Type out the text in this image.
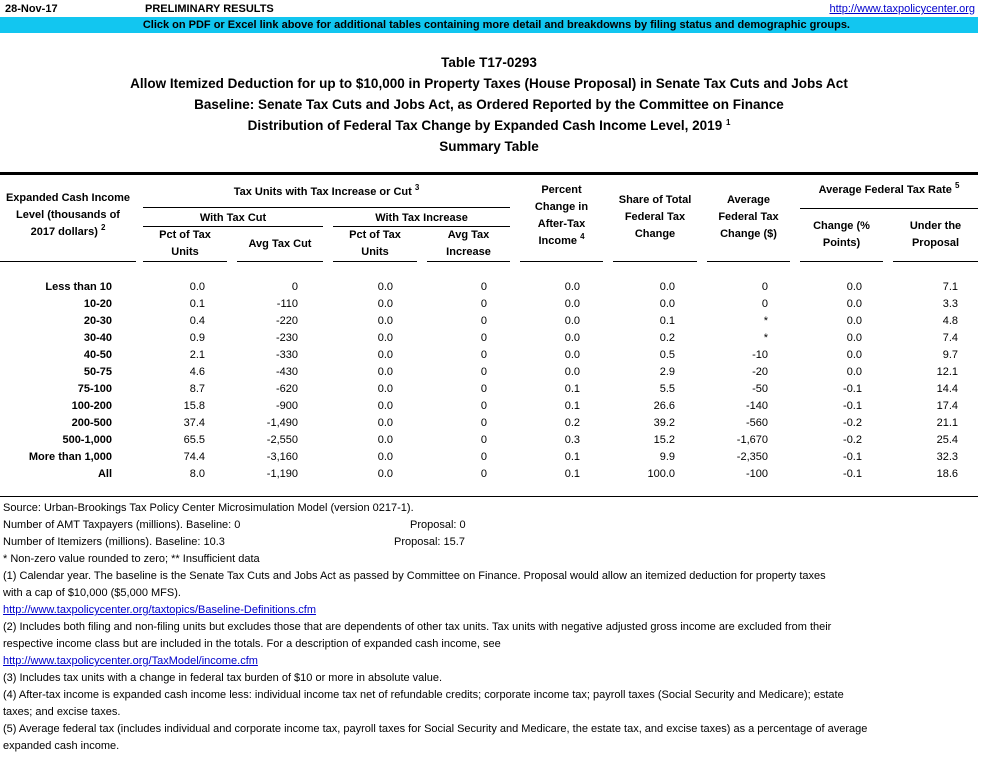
28-Nov-17	PRELIMINARY RESULTS	http://www.taxpolicycenter.org
Click on PDF or Excel link above for additional tables containing more detail and breakdowns by filing status and demographic groups.
Table T17-0293
Allow Itemized Deduction for up to $10,000 in Property Taxes (House Proposal) in Senate Tax Cuts and Jobs Act
Baseline: Senate Tax Cuts and Jobs Act, as Ordered Reported by the Committee on Finance
Distribution of Federal Tax Change by Expanded Cash Income Level, 2019 $^1$
Summary Table
Expanded Cash Income
Level (thousands of
2017 dollars) $^2$
Tax Units with Tax Increase or Cut $^3$
With Tax Cut	With Tax Increase
Pct of Tax
Units
Avg Tax Cut
Pct of Tax
Units
Avg Tax
Increase
Percent
Change in
After-Tax
Income $^4$
Share of Total
Federal Tax
Change
Average
Federal Tax
Change ($)
Average Federal Tax Rate $^5$
Change (%
Points)
Under the
Proposal
Less than 10	0.0	0	0.0	0	0.0	0.0	0	0.0	7.1
10-20	0.1	-110	0.0	0	0.0	0.0	0	0.0	3.3
20-30	0.4	-220	0.0	0	0.0	0.1	*	0.0	4.8
30-40	0.9	-230	0.0	0	0.0	0.2	*	0.0	7.4
40-50	2.1	-330	0.0	0	0.0	0.5	-10	0.0	9.7
50-75	4.6	-430	0.0	0	0.0	2.9	-20	0.0	12.1
75-100	8.7	-620	0.0	0	0.1	5.5	-50	-0.1	14.4
100-200	15.8	-900	0.0	0	0.1	26.6	-140	-0.1	17.4
200-500	37.4	-1,490	0.0	0	0.2	39.2	-560	-0.2	21.1
500-1,000	65.5	-2,550	0.0	0	0.3	15.2	-1,670	-0.2	25.4
More than 1,000	74.4	-3,160	0.0	0	0.1	9.9	-2,350	-0.1	32.3
All	8.0	-1,190	0.0	0	0.1	100.0	-100	-0.1	18.6
Source: Urban-Brookings Tax Policy Center Microsimulation Model (version 0217-1).
Number of AMT Taxpayers (millions). Baseline: 0	Proposal: 0
Number of Itemizers (millions). Baseline: 10.3	Proposal: 15.7
* Non-zero value rounded to zero; ** Insufficient data
(1) Calendar year. The baseline is the Senate Tax Cuts and Jobs Act as passed by Committee on Finance. Proposal would allow an itemized deduction for property taxes
with a cap of $10,000 ($5,000 MFS).
http://www.taxpolicycenter.org/taxtopics/Baseline-Definitions.cfm
(2) Includes both filing and non-filing units but excludes those that are dependents of other tax units. Tax units with negative adjusted gross income are excluded from their
respective income class but are included in the totals. For a description of expanded cash income, see
http://www.taxpolicycenter.org/TaxModel/income.cfm
(3) Includes tax units with a change in federal tax burden of $10 or more in absolute value.
(4) After-tax income is expanded cash income less: individual income tax net of refundable credits; corporate income tax; payroll taxes (Social Security and Medicare); estate
taxes; and excise taxes.
(5) Average federal tax (includes individual and corporate income tax, payroll taxes for Social Security and Medicare, the estate tax, and excise taxes) as a percentage of average
expanded cash income.
